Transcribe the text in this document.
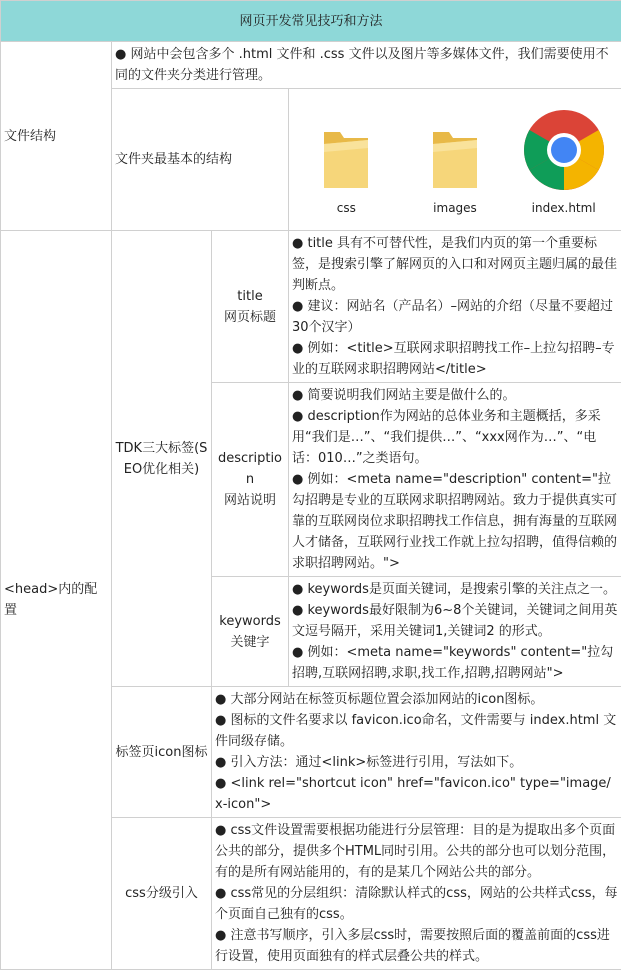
网页开发常见技巧和方法			
文件结构	● 网站中会包含多个 .html 文件和 .css 文件以及图片等多媒体文件，我们需要使用不同的文件夹分类进行管理。		
	文件夹最基本的结构		css images index.html

<head>内的配置	TDK三大标签(SEO优化相关)	title
网页标题	● title 具有不可替代性，是我们内页的第一个重要标签，是搜索引擎了解网页的入口和对网页主题归属的最佳判断点。
● 建议：网站名（产品名）–网站的介绍（尽量不要超过30个汉字）
● 例如：<title>互联网求职招聘找工作–上拉勾招聘–专业的互联网求职招聘网站</title>

		description
网站说明	● 简要说明我们网站主要是做什么的。
● description作为网站的总体业务和主题概括，多采用“我们是…”、“我们提供…”、“xxx网作为…”、“电话：010…”之类语句。
● 例如：<meta name="description" content="拉勾招聘是专业的互联网求职招聘网站。致力于提供真实可靠的互联网岗位求职招聘找工作信息，拥有海量的互联网人才储备，互联网行业找工作就上拉勾招聘，值得信赖的求职招聘网站。">

		keywords
关键字	● keywords是页面关键词，是搜索引擎的关注点之一。
● keywords最好限制为6~8个关键词，关键词之间用英文逗号隔开，采用关键词1,关键词2 的形式。
● 例如：<meta name="keywords" content="拉勾招聘,互联网招聘,求职,找工作,招聘,招聘网站">

	标签页icon图标	● 大部分网站在标签页标题位置会添加网站的icon图标。
● 图标的文件名要求以 favicon.ico命名，文件需要与 index.html 文件同级存储。
● 引入方法：通过<link>标签进行引用，写法如下。
● <link rel="shortcut icon" href="favicon.ico" type="image/x-icon">	

	css分级引入	● css文件设置需要根据功能进行分层管理：目的是为提取出多个页面公共的部分，提供多个HTML同时引用。公共的部分也可以划分范围，有的是所有网站能用的，有的是某几个网站公共的部分。
● css常见的分层组织：清除默认样式的css，网站的公共样式css，每个页面自己独有的css。
● 注意书写顺序，引入多层css时，需要按照后面的覆盖前面的css进行设置，使用页面独有的样式层叠公共的样式。	
